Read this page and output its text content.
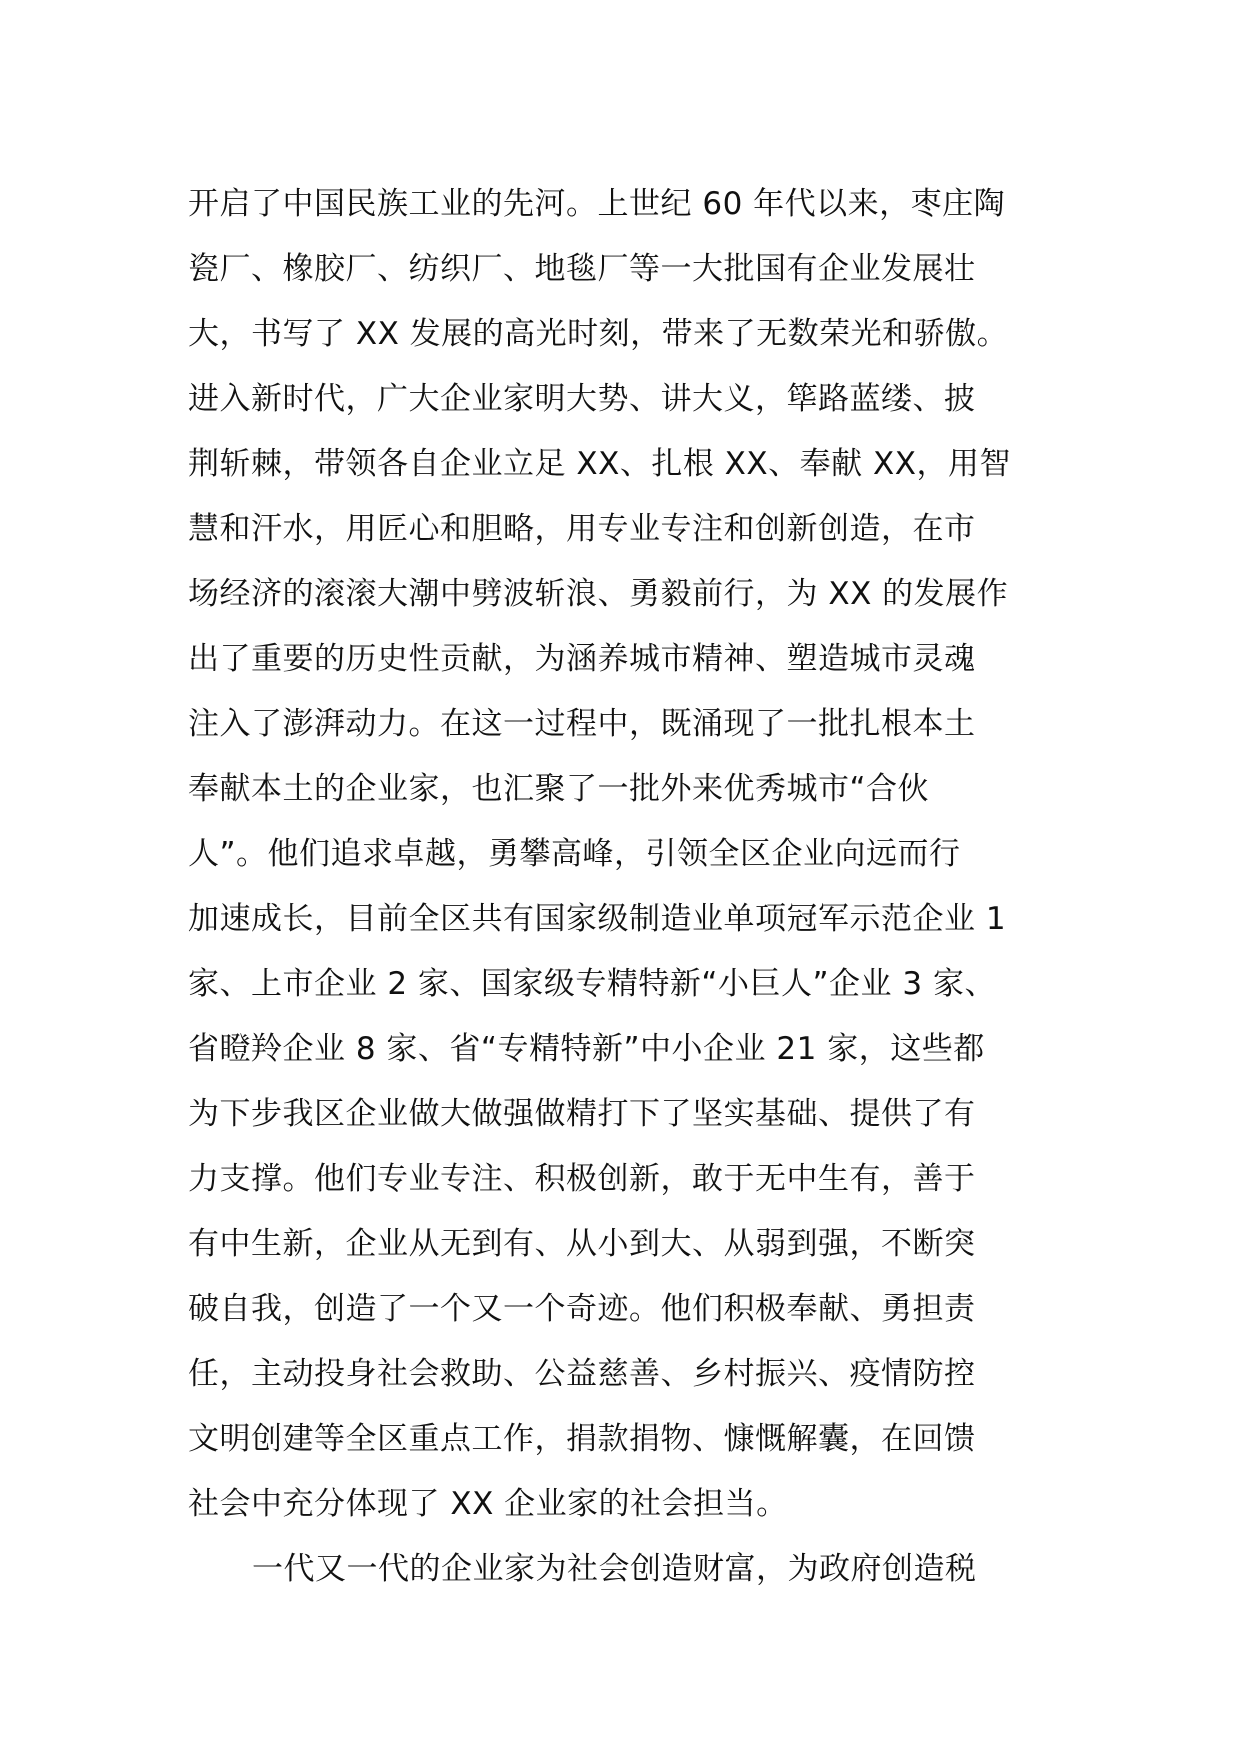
开启了中国民族工业的先河。上世纪 60 年代以来，枣庄陶
瓷厂、橡胶厂、纺织厂、地毯厂等一大批国有企业发展壮
大，书写了 XX 发展的高光时刻，带来了无数荣光和骄傲。
进入新时代，广大企业家明大势、讲大义，筚路蓝缕、披
荆斩棘，带领各自企业立足 XX、扎根 XX、奉献 XX，用智
慧和汗水，用匠心和胆略，用专业专注和创新创造，在市
场经济的滚滚大潮中劈波斩浪、勇毅前行，为 XX 的发展作
出了重要的历史性贡献，为涵养城市精神、塑造城市灵魂
注入了澎湃动力。在这一过程中，既涌现了一批扎根本土
奉献本土的企业家，也汇聚了一批外来优秀城市“合伙
人”。他们追求卓越，勇攀高峰，引领全区企业向远而行
加速成长，目前全区共有国家级制造业单项冠军示范企业 1
家、上市企业 2 家、国家级专精特新“小巨人”企业 3 家、
省瞪羚企业 8 家、省“专精特新”中小企业 21 家，这些都
为下步我区企业做大做强做精打下了坚实基础、提供了有
力支撑。他们专业专注、积极创新，敢于无中生有，善于
有中生新，企业从无到有、从小到大、从弱到强，不断突
破自我，创造了一个又一个奇迹。他们积极奉献、勇担责
任，主动投身社会救助、公益慈善、乡村振兴、疫情防控
文明创建等全区重点工作，捐款捐物、慷慨解囊，在回馈
社会中充分体现了 XX 企业家的社会担当。
一代又一代的企业家为社会创造财富，为政府创造税
